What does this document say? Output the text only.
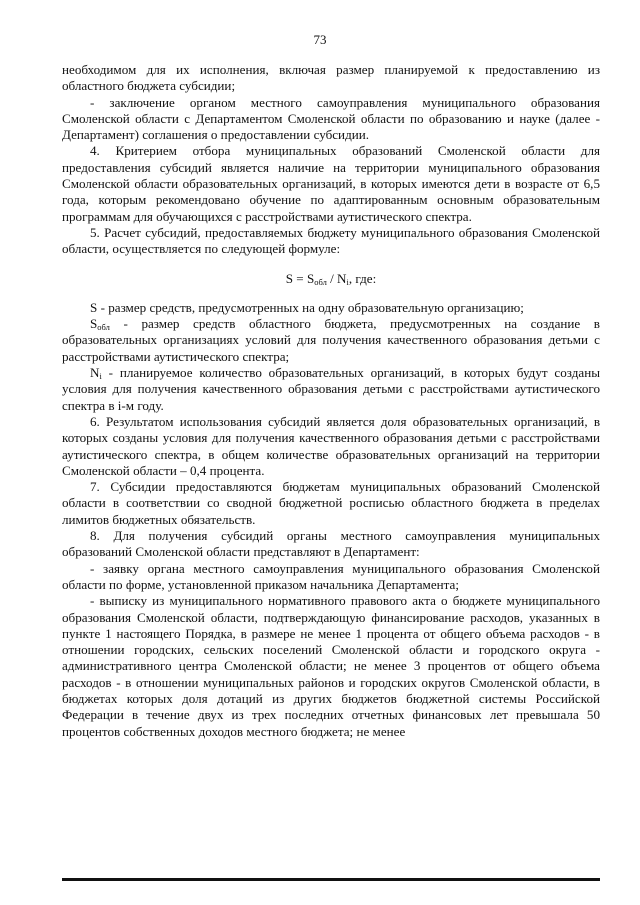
73

необходимом для их исполнения, включая размер планируемой к предоставлению из областного бюджета субсидии;

- заключение органом местного самоуправления муниципального образования Смоленской области с Департаментом Смоленской области по образованию и науке (далее - Департамент) соглашения о предоставлении субсидии.

4. Критерием отбора муниципальных образований Смоленской области для предоставления субсидий является наличие на территории муниципального образования Смоленской области образовательных организаций, в которых имеются дети в возрасте от 6,5 года, которым рекомендовано обучение по адаптированным основным образовательным программам для обучающихся с расстройствами аутистического спектра.

5. Расчет субсидий, предоставляемых бюджету муниципального образования Смоленской области, осуществляется по следующей формуле:

$S = S_{обл} / N_i$, где:

S - размер средств, предусмотренных на одну образовательную организацию;

$S_{обл}$ - размер средств областного бюджета, предусмотренных на создание в образовательных организациях условий для получения качественного образования детьми с расстройствами аутистического спектра;

$N_i$ - планируемое количество образовательных организаций, в которых будут созданы условия для получения качественного образования детьми с расстройствами аутистического спектра в i-м году.

6. Результатом использования субсидий является доля образовательных организаций, в которых созданы условия для получения качественного образования детьми с расстройствами аутистического спектра, в общем количестве образовательных организаций на территории Смоленской области – 0,4 процента.

7. Субсидии предоставляются бюджетам муниципальных образований Смоленской области в соответствии со сводной бюджетной росписью областного бюджета в пределах лимитов бюджетных обязательств.

8. Для получения субсидий органы местного самоуправления муниципальных образований Смоленской области представляют в Департамент:

- заявку органа местного самоуправления муниципального образования Смоленской области по форме, установленной приказом начальника Департамента;

- выписку из муниципального нормативного правового акта о бюджете муниципального образования Смоленской области, подтверждающую финансирование расходов, указанных в пункте 1 настоящего Порядка, в размере не менее 1 процента от общего объема расходов - в отношении городских, сельских поселений Смоленской области и городского округа - административного центра Смоленской области; не менее 3 процентов от общего объема расходов - в отношении муниципальных районов и городских округов Смоленской области, в бюджетах которых доля дотаций из других бюджетов бюджетной системы Российской Федерации в течение двух из трех последних отчетных финансовых лет превышала 50 процентов собственных доходов местного бюджета; не менее
